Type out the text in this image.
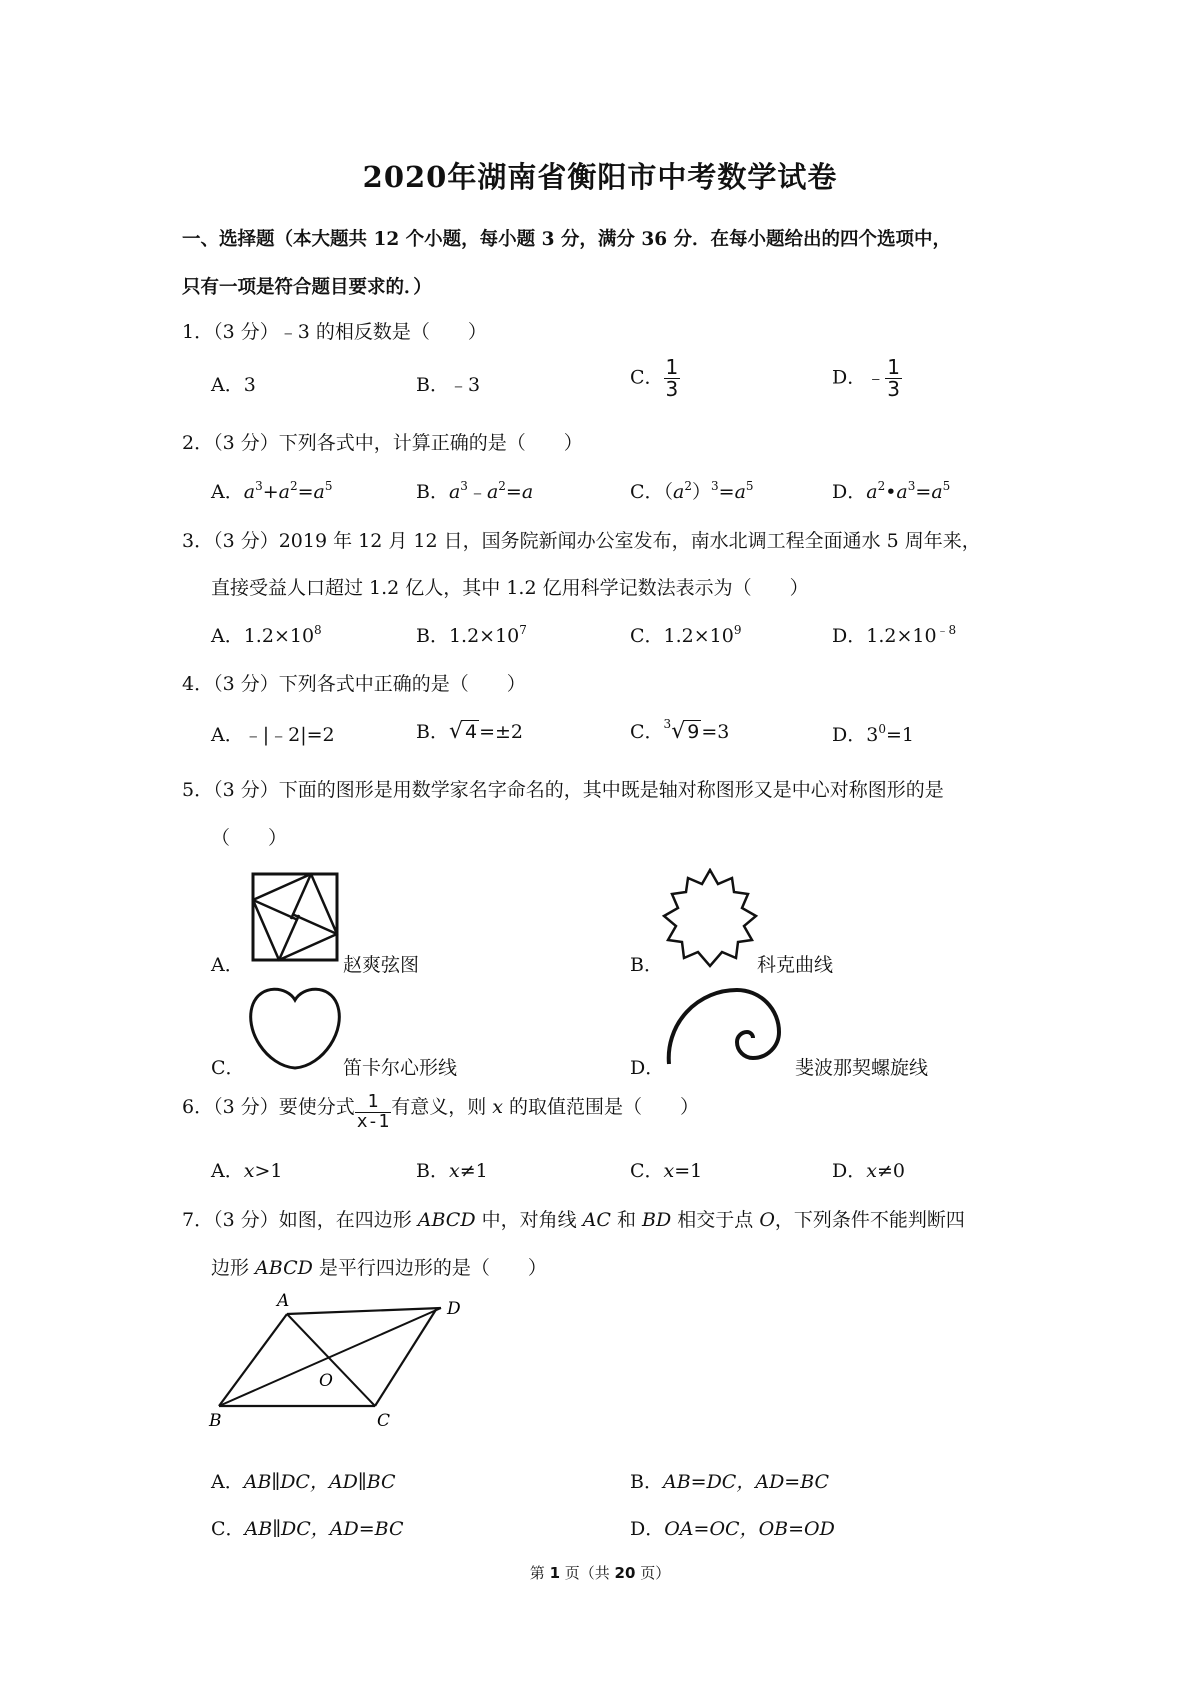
2020年湖南省衡阳市中考数学试卷
一、选择题（本大题共 12 个小题，每小题 3 分，满分 36 分．在每小题给出的四个选项中，
只有一项是符合题目要求的．）
1．（3 分）﹣3 的相反数是（　　）
A．3	B．﹣3	C． $\frac{1}{3}$	D．﹣ $\frac{1}{3}$
2．（3 分）下列各式中，计算正确的是（　　）
A．$a^3+a^2=a^5$	B．$a^3﹣a^2=a$	C．$(a^2)^3=a^5$	D．$a^2•a^3=a^5$
3．（3 分）2019 年 12 月 12 日，国务院新闻办公室发布，南水北调工程全面通水 5 周年来，
直接受益人口超过 1.2 亿人，其中 1.2 亿用科学记数法表示为（　　）
A．$1.2\times 10^8$	B．$1.2\times 10^7$	C．$1.2\times 10^9$	D．$1.2\times 10^{﹣8}$
4．（3 分）下列各式中正确的是（　　）
A．﹣|﹣2|=2	B．√ 4 =±2	C．$^3$√ 9 =3	D．$3^0=1$
5．（3 分）下面的图形是用数学家名字命名的，其中既是轴对称图形又是中心对称图形的是
（　　）
A．	赵爽弦图	B．	科克曲线
C．	笛卡尔心形线	D．	斐波那契螺旋线
6．（3 分）要使分式 $\frac{1}{x-1}$ 有意义，则 x 的取值范围是（　　）
A．x>1	B．x≠1	C．x=1	D．x≠0
7．（3 分）如图，在四边形 ABCD 中，对角线 AC 和 BD 相交于点 O，下列条件不能判断四
边形 ABCD 是平行四边形的是（　　）
A	D
B	C
O
A．AB∥DC，AD∥BC	B．AB=DC，AD=BC
C．AB∥DC，AD=BC	D．OA=OC，OB=OD
第 1 页（共 20 页）
